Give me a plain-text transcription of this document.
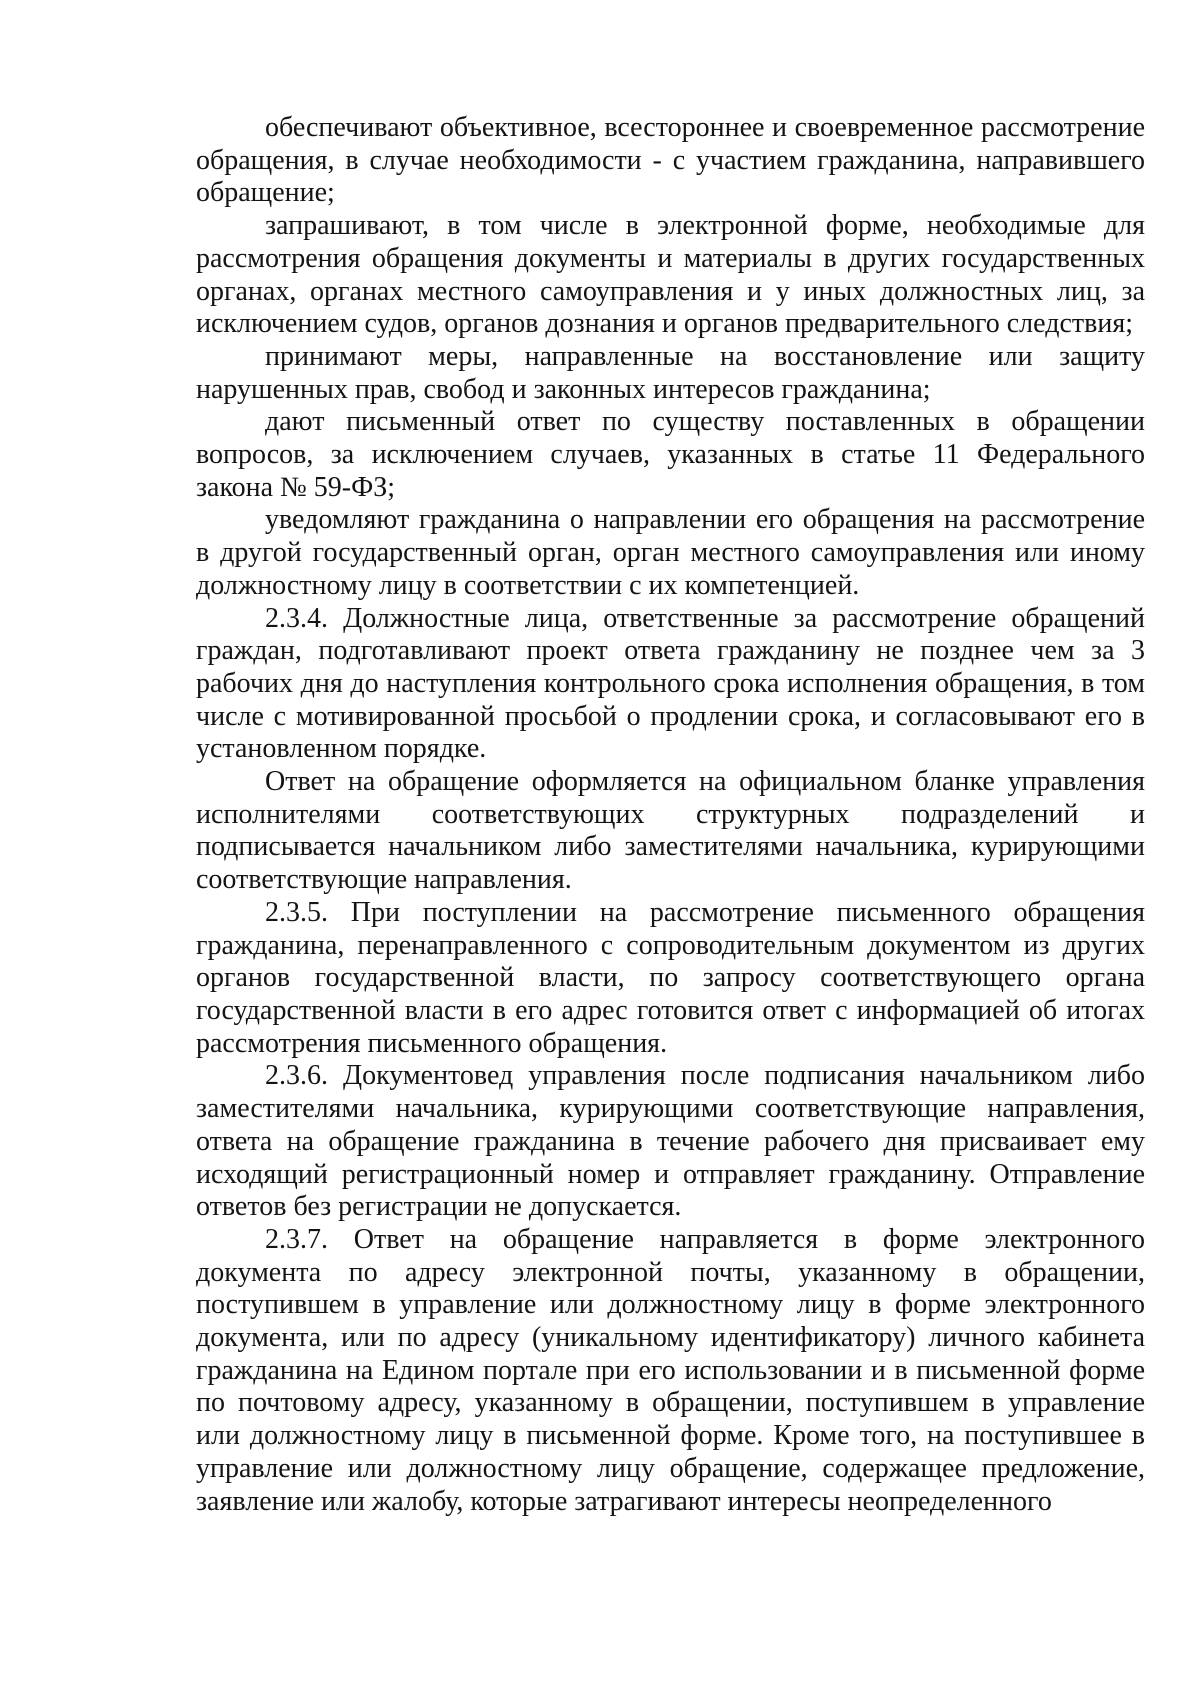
обеспечивают объективное, всестороннее и своевременное рассмотрение обращения, в случае необходимости - с участием гражданина, направившего обращение;

запрашивают, в том числе в электронной форме, необходимые для рассмотрения обращения документы и материалы в других государственных органах, органах местного самоуправления и у иных должностных лиц, за исключением судов, органов дознания и органов предварительного следствия;

принимают меры, направленные на восстановление или защиту нарушенных прав, свобод и законных интересов гражданина;

дают письменный ответ по существу поставленных в обращении вопросов, за исключением случаев, указанных в статье 11 Федерального закона № 59-ФЗ;

уведомляют гражданина о направлении его обращения на рассмотрение в другой государственный орган, орган местного самоуправления или иному должностному лицу в соответствии с их компетенцией.

2.3.4. Должностные лица, ответственные за рассмотрение обращений граждан, подготавливают проект ответа гражданину не позднее чем за 3 рабочих дня до наступления контрольного срока исполнения обращения, в том числе с мотивированной просьбой о продлении срока, и согласовывают его в установленном порядке.

Ответ на обращение оформляется на официальном бланке управления исполнителями соответствующих структурных подразделений и подписывается начальником либо заместителями начальника, курирующими соответствующие направления.

2.3.5. При поступлении на рассмотрение письменного обращения гражданина, перенаправленного с сопроводительным документом из других органов государственной власти, по запросу соответствующего органа государственной власти в его адрес готовится ответ с информацией об итогах рассмотрения письменного обращения.

2.3.6. Документовед управления после подписания начальником либо заместителями начальника, курирующими соответствующие направления, ответа на обращение гражданина в течение рабочего дня присваивает ему исходящий регистрационный номер и отправляет гражданину. Отправление ответов без регистрации не допускается.

2.3.7. Ответ на обращение направляется в форме электронного документа по адресу электронной почты, указанному в обращении, поступившем в управление или должностному лицу в форме электронного документа, или по адресу (уникальному идентификатору) личного кабинета гражданина на Едином портале при его использовании и в письменной форме по почтовому адресу, указанному в обращении, поступившем в управление или должностному лицу в письменной форме. Кроме того, на поступившее в управление или должностному лицу обращение, содержащее предложение, заявление или жалобу, которые затрагивают интересы неопределенного
